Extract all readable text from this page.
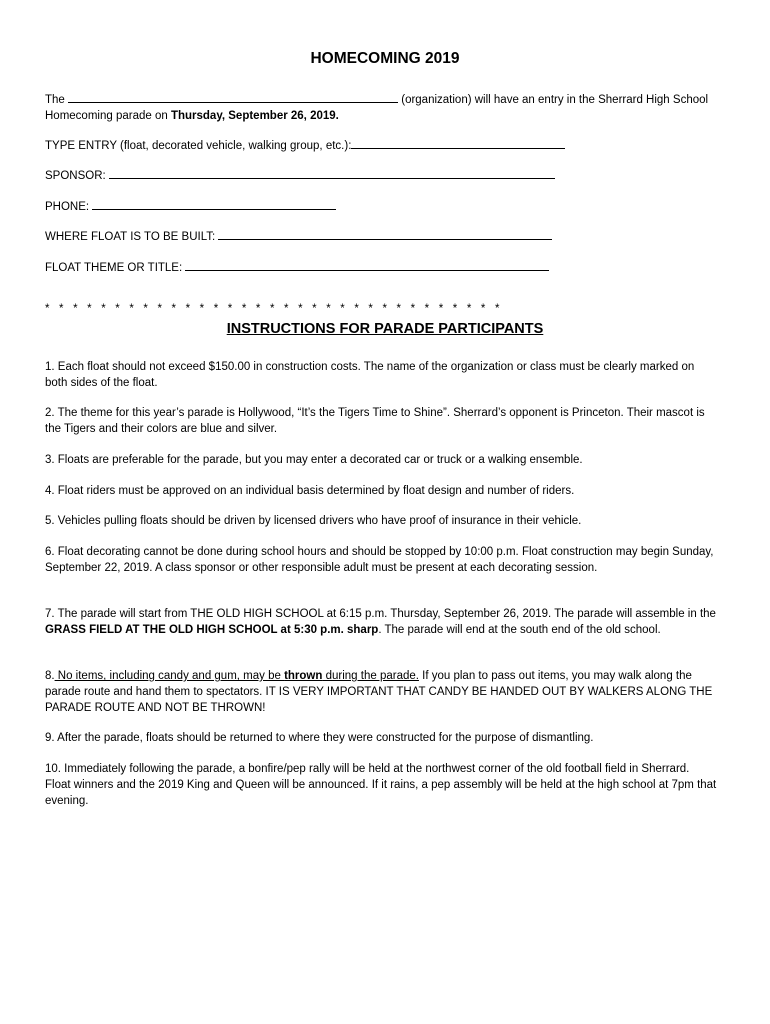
HOMECOMING 2019

The	(organization) will have an entry in the Sherrard High School Homecoming parade on Thursday, September 26, 2019.

TYPE ENTRY (float, decorated vehicle, walking group, etc.):

SPONSOR:

PHONE:

WHERE FLOAT IS TO BE BUILT:

FLOAT THEME OR TITLE:

*   *   *   *   *   *   *   *   *   *   *   *   *   *   *   *   *   *   *   *   *   *   *   *   *   *   *   *   *   *   *   *   *
INSTRUCTIONS FOR PARADE PARTICIPANTS

1. Each float should not exceed $150.00 in construction costs. The name of the organization or class must be clearly marked on both sides of the float.

2. The theme for this year’s parade is Hollywood, “It’s the Tigers Time to Shine”. Sherrard’s opponent is Princeton. Their mascot is the Tigers and their colors are blue and silver.

3. Floats are preferable for the parade, but you may enter a decorated car or truck or a walking ensemble.

4. Float riders must be approved on an individual basis determined by float design and number of riders.

5. Vehicles pulling floats should be driven by licensed drivers who have proof of insurance in their vehicle.

6. Float decorating cannot be done during school hours and should be stopped by 10:00 p.m. Float construction may begin Sunday, September 22, 2019. A class sponsor or other responsible adult must be present at each decorating session.

7. The parade will start from THE OLD HIGH SCHOOL at 6:15 p.m. Thursday, September 26, 2019. The parade will assemble in the GRASS FIELD AT THE OLD HIGH SCHOOL at 5:30 p.m. sharp. The parade will end at the south end of the old school.

8. No items, including candy and gum, may be thrown during the parade. If you plan to pass out items, you may walk along the parade route and hand them to spectators. IT IS VERY IMPORTANT THAT CANDY BE HANDED OUT BY WALKERS ALONG THE PARADE ROUTE AND NOT BE THROWN!

9. After the parade, floats should be returned to where they were constructed for the purpose of dismantling.

10. Immediately following the parade, a bonfire/pep rally will be held at the northwest corner of the old football field in Sherrard. Float winners and the 2019 King and Queen will be announced. If it rains, a pep assembly will be held at the high school at 7pm that evening.
